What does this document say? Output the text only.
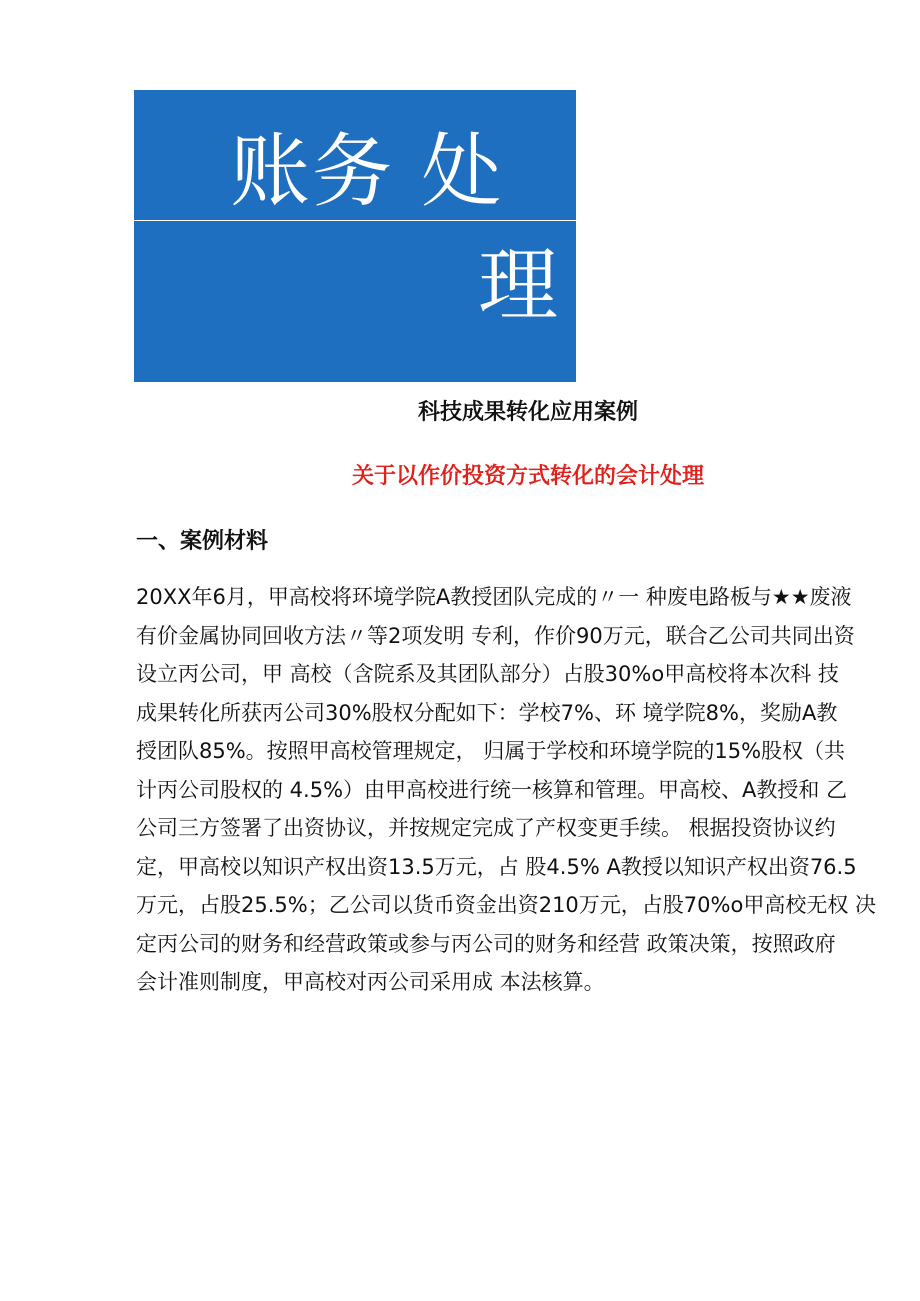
账务 处
理
科技成果转化应用案例
关于以作价投资方式转化的会计处理
一、案例材料
20XX年6月，甲高校将环境学院A教授团队完成的〃一 种废电路板与★★废液
有价金属协同回收方法〃等2项发明 专利，作价90万元，联合乙公司共同出资
设立丙公司，甲 高校（含院系及其团队部分）占股30%o甲高校将本次科 技
成果转化所获丙公司30%股权分配如下：学校7%、环 境学院8%，奖励A教
授团队85%。按照甲高校管理规定， 归属于学校和环境学院的15%股权（共
计丙公司股权的 4.5%）由甲高校进行统一核算和管理。甲高校、A教授和 乙
公司三方签署了出资协议，并按规定完成了产权变更手续。 根据投资协议约
定，甲高校以知识产权出资13.5万元，占 股4.5% A教授以知识产权出资76.5
万元，占股25.5%；乙公司以货币资金出资210万元，占股70%o甲高校无权 决
定丙公司的财务和经营政策或参与丙公司的财务和经营 政策决策，按照政府
会计准则制度，甲高校对丙公司采用成 本法核算。
